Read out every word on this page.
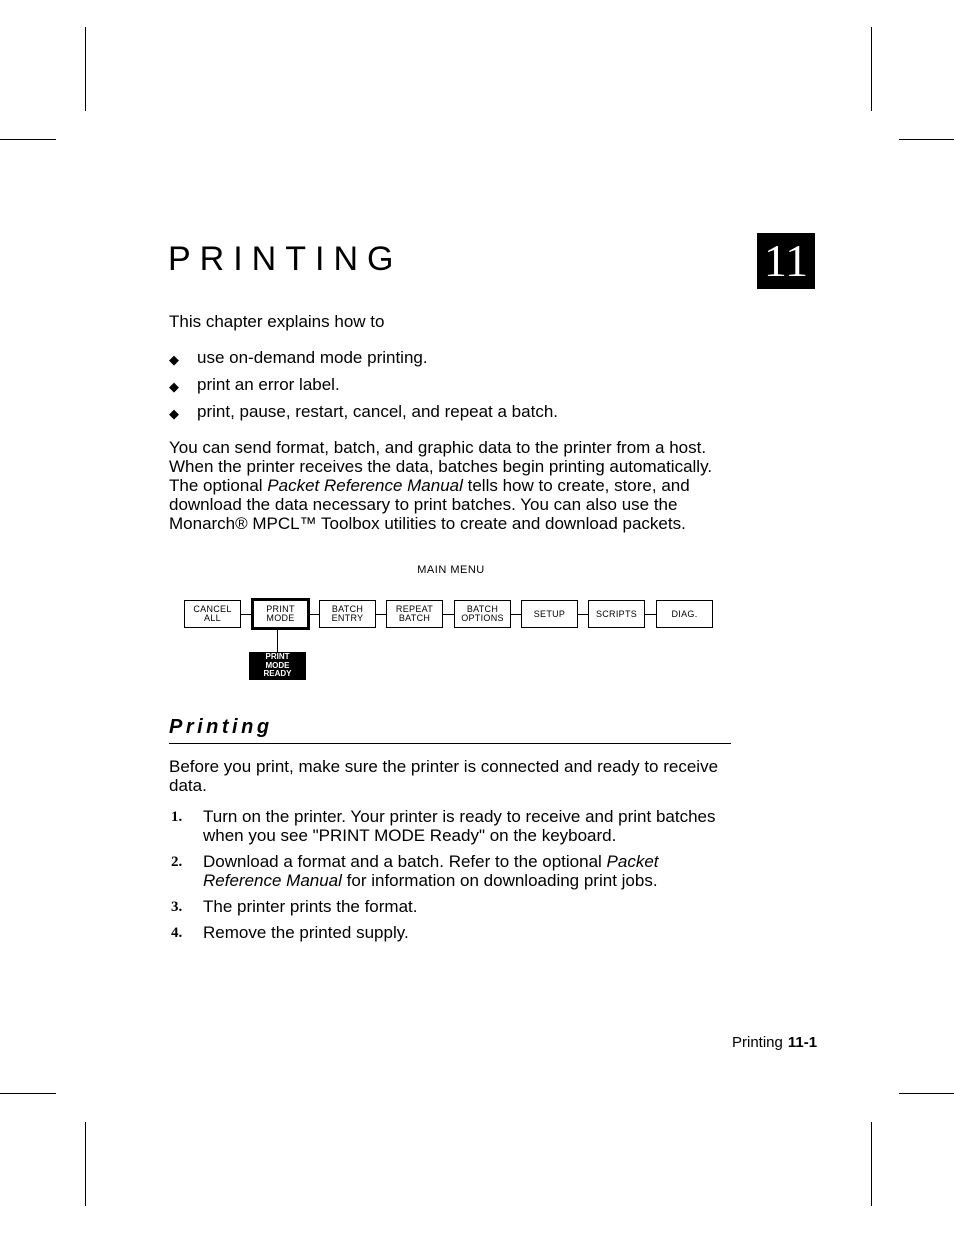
PRINTING	11

This chapter explains how to

◆ use on-demand mode printing.
◆ print an error label.
◆ print, pause, restart, cancel, and repeat a batch.

You can send format, batch, and graphic data to the printer from a host. When the printer receives the data, batches begin printing automatically. The optional Packet Reference Manual tells how to create, store, and download the data necessary to print batches. You can also use the Monarch® MPCL™ Toolbox utilities to create and download packets.

MAIN MENU
CANCEL
ALL
PRINT
MODE
BATCH
ENTRY
REPEAT
BATCH
BATCH
OPTIONS	SETUP	SCRIPTS	DIAG.
PRINT
MODE
READY
Printing

Before you print, make sure the printer is connected and ready to receive data.

1. Turn on the printer. Your printer is ready to receive and print batches when you see "PRINT MODE Ready" on the keyboard.
2. Download a format and a batch. Refer to the optional Packet Reference Manual for information on downloading print jobs.
3. The printer prints the format.
4. Remove the printed supply.
Printing 11-1
